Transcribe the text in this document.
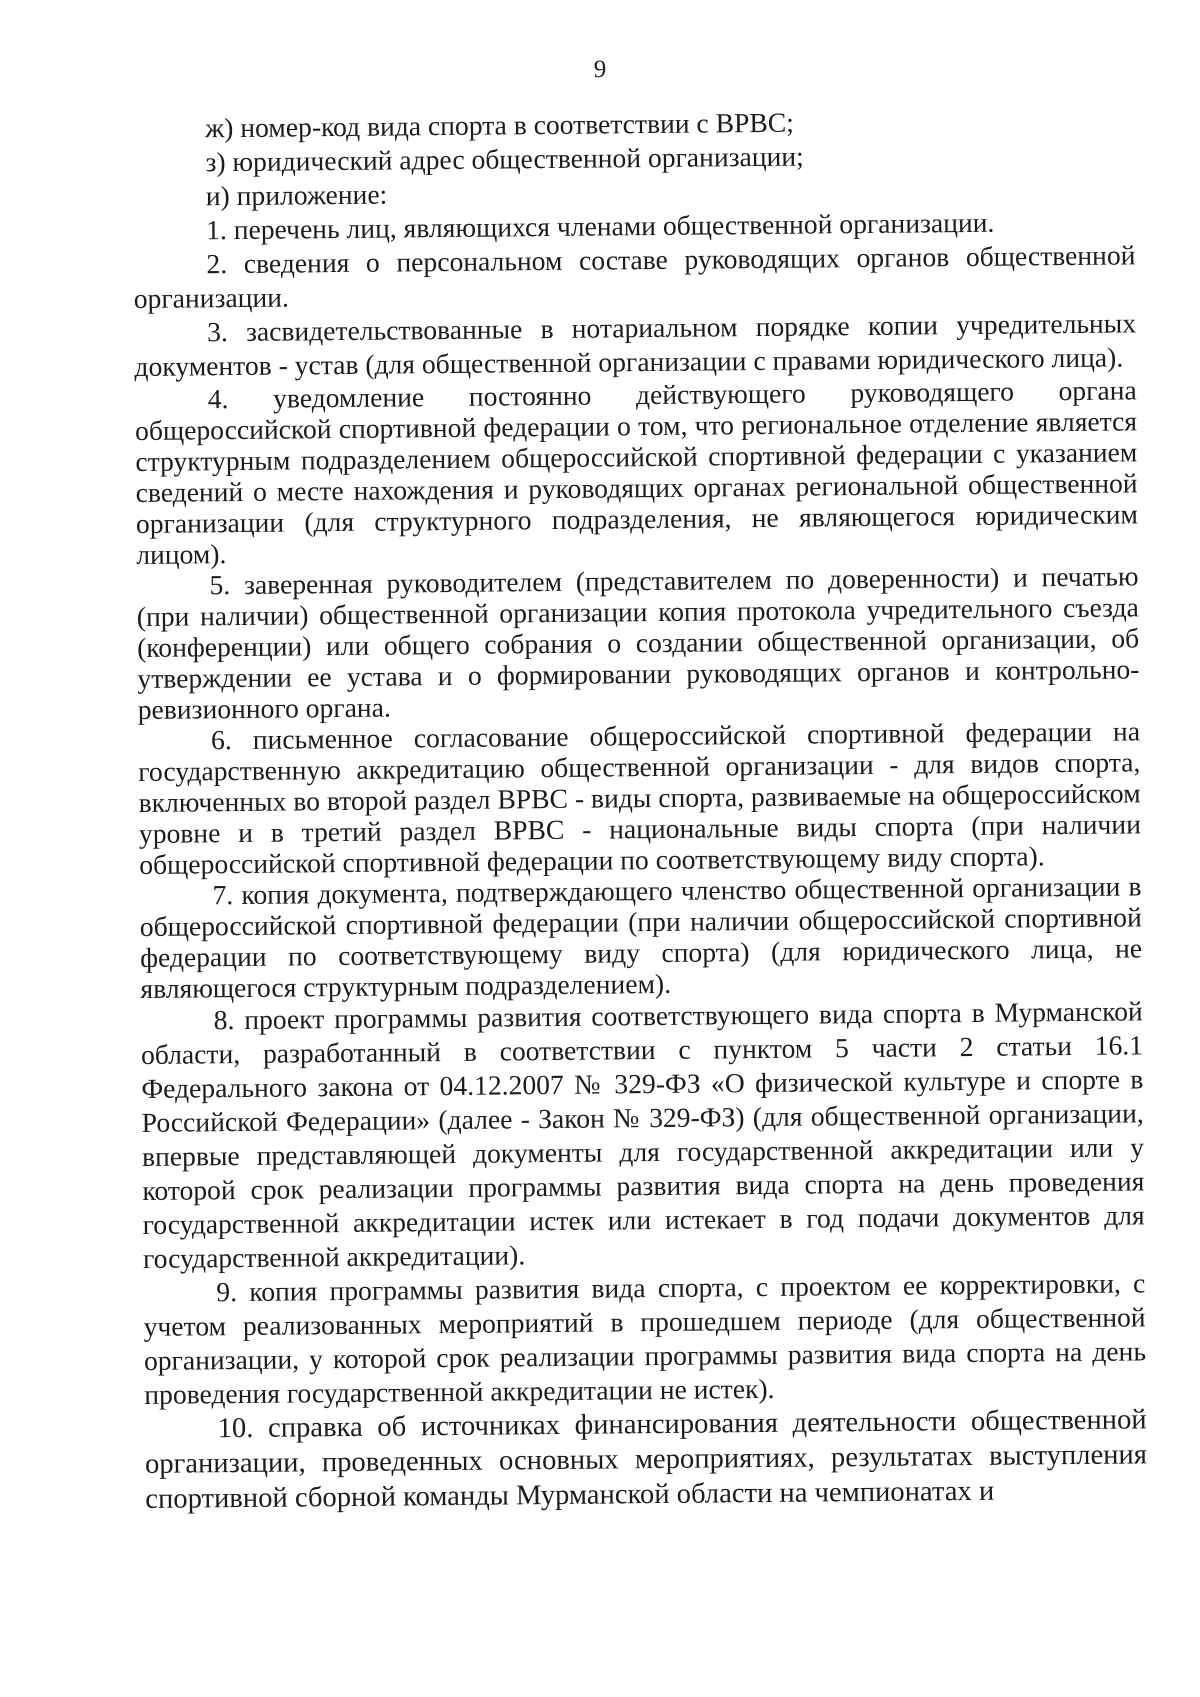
9

ж) номер-код вида спорта в соответствии с ВРВС;

з) юридический адрес общественной организации;

и) приложение:

1. перечень лиц, являющихся членами общественной организации.

2. сведения о персональном составе руководящих органов общественной организации.

3. засвидетельствованные в нотариальном порядке копии учредительных документов - устав (для общественной организации с правами юридического лица).

4. уведомление постоянно действующего руководящего органа общероссийской спортивной федерации о том, что региональное отделение является структурным подразделением общероссийской спортивной федерации с указанием сведений о месте нахождения и руководящих органах региональной общественной организации (для структурного подразделения, не являющегося юридическим лицом).

5. заверенная руководителем (представителем по доверенности) и печатью (при наличии) общественной организации копия протокола учредительного съезда (конференции) или общего собрания о создании общественной организации, об утверждении ее устава и о формировании руководящих органов и контрольно-ревизионного органа.

6. письменное согласование общероссийской спортивной федерации на государственную аккредитацию общественной организации - для видов спорта, включенных во второй раздел ВРВС - виды спорта, развиваемые на общероссийском уровне и в третий раздел ВРВС - национальные виды спорта (при наличии общероссийской спортивной федерации по соответствующему виду спорта).

7. копия документа, подтверждающего членство общественной организации в общероссийской спортивной федерации (при наличии общероссийской спортивной федерации по соответствующему виду спорта) (для юридического лица, не являющегося структурным подразделением).

8. проект программы развития соответствующего вида спорта в Мурманской области, разработанный в соответствии с пунктом 5 части 2 статьи 16.1 Федерального закона от 04.12.2007 № 329-ФЗ «О физической культуре и спорте в Российской Федерации» (далее - Закон № 329-ФЗ) (для общественной организации, впервые представляющей документы для государственной аккредитации или у которой срок реализации программы развития вида спорта на день проведения государственной аккредитации истек или истекает в год подачи документов для государственной аккредитации).

9. копия программы развития вида спорта, с проектом ее корректировки, с учетом реализованных мероприятий в прошедшем периоде (для общественной организации, у которой срок реализации программы развития вида спорта на день проведения государственной аккредитации не истек).

10. справка об источниках финансирования деятельности общественной организации, проведенных основных мероприятиях, результатах выступления спортивной сборной команды Мурманской области на чемпионатах и
